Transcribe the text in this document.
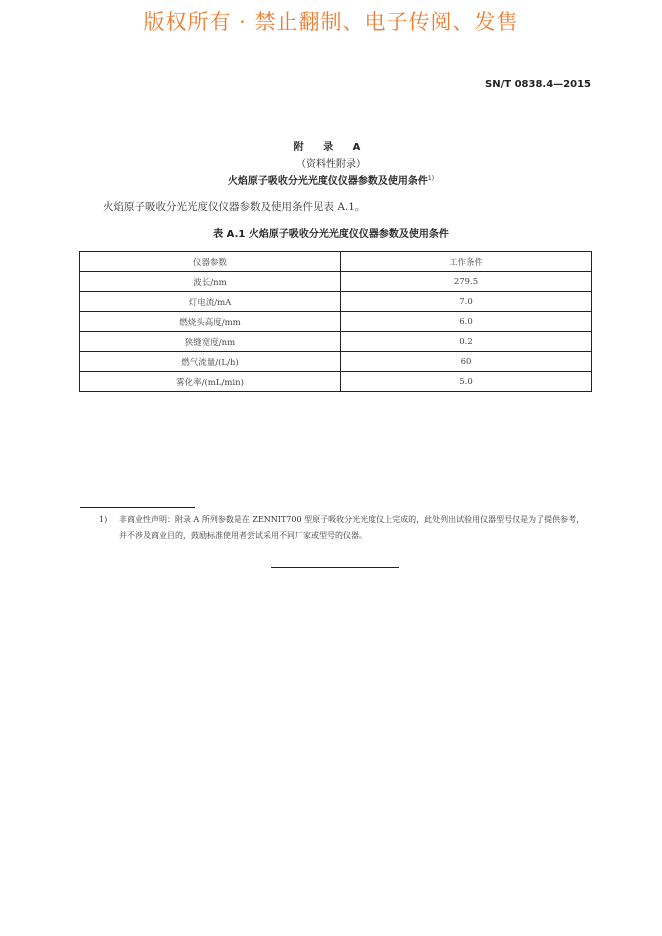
版权所有 · 禁止翻制、电子传阅、发售
SN/T 0838.4—2015
附 录 A
（资料性附录）
火焰原子吸收分光光度仪仪器参数及使用条件$^{1)}$
火焰原子吸收分光光度仪仪器参数及使用条件见表 A.1。
表 A.1 火焰原子吸收分光光度仪仪器参数及使用条件
仪器参数	工作条件
波长/nm	279.5
灯电流/mA	7.0
燃烧头高度/mm	6.0
狭缝宽度/nm	0.2
燃气流量/(L/h)	60
雾化率/(mL/min)	5.0
1) 非商业性声明：附录 A 所列参数是在 ZENNIT700 型原子吸收分光光度仪上完成的，此处列出试验用仪器型号仅是为了提供参考，并不涉及商业目的，鼓励标准使用者尝试采用不同厂家或型号的仪器。
